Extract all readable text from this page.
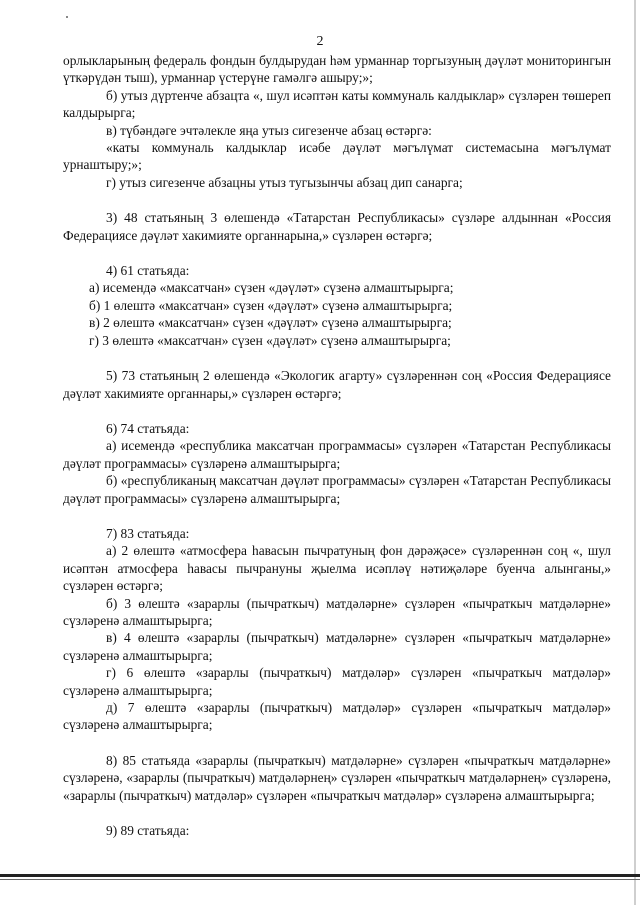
2

орлыкларының федераль фондын булдырудан һәм урманнар торгызуның дәүләт мониторингын үткәрүдән тыш), урманнар үстерүне гамәлгә ашыру;»;

б) утыз дүртенче абзацта «, шул исәптән каты коммуналь калдыклар» сүзләрен төшереп калдырырга;

в) түбәндәге эчтәлекле яңа утыз сигезенче абзац өстәргә:

«каты коммуналь калдыклар исәбе дәүләт мәгълүмат системасына мәгълүмат урнаштыру;»;

г) утыз сигезенче абзацны утыз тугызынчы абзац дип санарга;

3) 48 статьяның 3 өлешендә «Татарстан Республикасы» сүзләре алдыннан «Россия Федерациясе дәүләт хакимияте органнарына,» сүзләрен өстәргә;

4) 61 статьяда:

а) исемендә «максатчан» сүзен «дәүләт» сүзенә алмаштырырга;

б) 1 өлештә «максатчан» сүзен «дәүләт» сүзенә алмаштырырга;

в) 2 өлештә «максатчан» сүзен «дәүләт» сүзенә алмаштырырга;

г) 3 өлештә «максатчан» сүзен «дәүләт» сүзенә алмаштырырга;

5) 73 статьяның 2 өлешендә «Экологик агарту» сүзләреннән соң «Россия Федерациясе дәүләт хакимияте органнары,» сүзләрен өстәргә;

6) 74 статьяда:

а) исемендә «республика максатчан программасы» сүзләрен «Татарстан Республикасы дәүләт программасы» сүзләренә алмаштырырга;

б) «республиканың максатчан дәүләт программасы» сүзләрен «Татарстан Республикасы дәүләт программасы» сүзләренә алмаштырырга;

7) 83 статьяда:

а) 2 өлештә «атмосфера һавасын пычратуның фон дәрәҗәсе» сүзләреннән соң «, шул исәптән атмосфера һавасы пычрануны җыелма исәпләү нәтиҗәләре буенча алынганы,» сүзләрен өстәргә;

б) 3 өлештә «зарарлы (пычраткыч) матдәләрне» сүзләрен «пычраткыч матдәләрне» сүзләренә алмаштырырга;

в) 4 өлештә «зарарлы (пычраткыч) матдәләрне» сүзләрен «пычраткыч матдәләрне» сүзләренә алмаштырырга;

г) 6 өлештә «зарарлы (пычраткыч) матдәләр» сүзләрен «пычраткыч матдәләр» сүзләренә алмаштырырга;

д) 7 өлештә «зарарлы (пычраткыч) матдәләр» сүзләрен «пычраткыч матдәләр» сүзләренә алмаштырырга;

8) 85 статьяда «зарарлы (пычраткыч) матдәләрне» сүзләрен «пычраткыч матдәләрне» сүзләренә, «зарарлы (пычраткыч) матдәләрнең» сүзләрен «пычраткыч матдәләрнең» сүзләренә, «зарарлы (пычраткыч) матдәләр» сүзләрен «пычраткыч матдәләр» сүзләренә алмаштырырга;

9) 89 статьяда:
